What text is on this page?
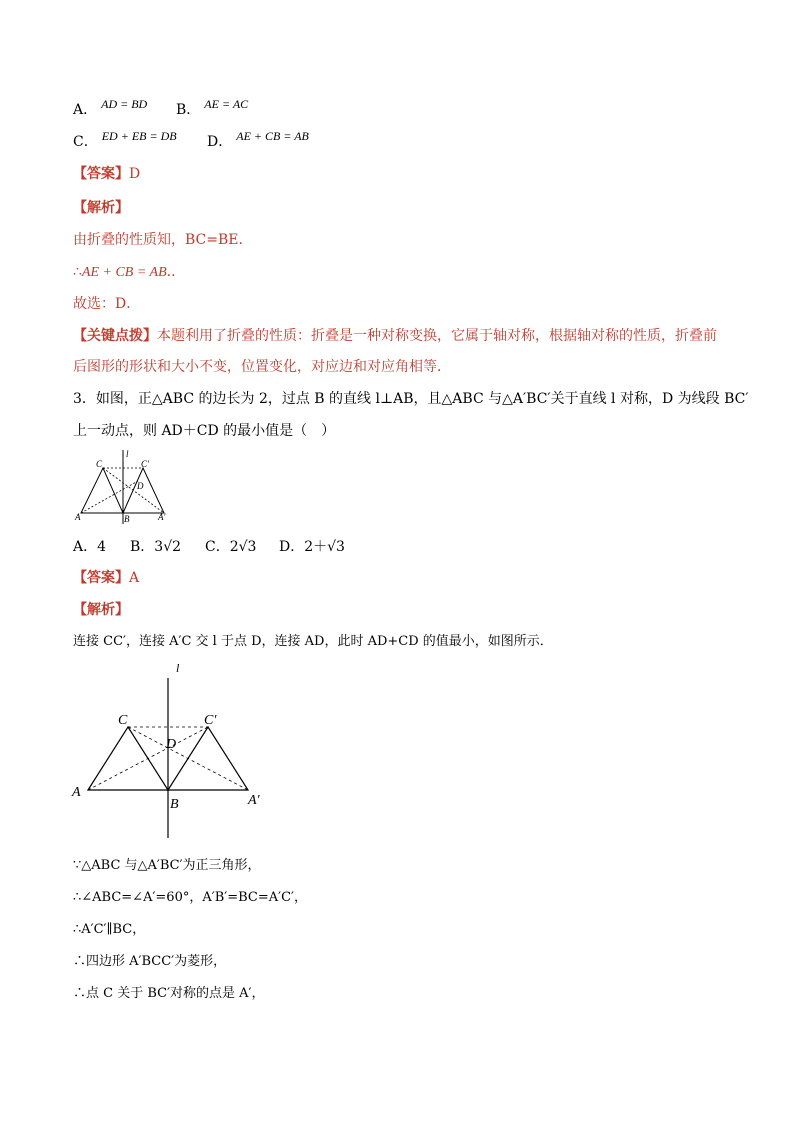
A． AD = BD B． AE = AC
C． ED + EB = DB D． AE + CB = AB
【答案】D
【解析】
由折叠的性质知，BC=BE．
∴AE + CB = AB..
故选：D．
【关键点拨】本题利用了折叠的性质：折叠是一种对称变换，它属于轴对称，根据轴对称的性质，折叠前
后图形的形状和大小不变，位置变化，对应边和对应角相等．
3．如图，正△ABC 的边长为 2，过点 B 的直线 l⊥AB，且△ABC 与△A′BC′关于直线 l 对称，D 为线段 BC′
上一动点，则 AD＋CD 的最小值是（　）
C	C′
l
D
A	B	A′
A．4 B．3√2 C．2√3 D．2＋√3
【答案】A
【解析】
连接 CC′，连接 A′C 交 l 于点 D，连接 AD，此时 AD+CD 的值最小，如图所示．
l
C	C′
D
A
B	A′
∵△ABC 与△A′BC′为正三角形，
∴∠ABC=∠A′=60°，A′B′=BC=A′C′，
∴A′C′∥BC，
∴四边形 A′BCC′为菱形，
∴点 C 关于 BC′对称的点是 A′，
